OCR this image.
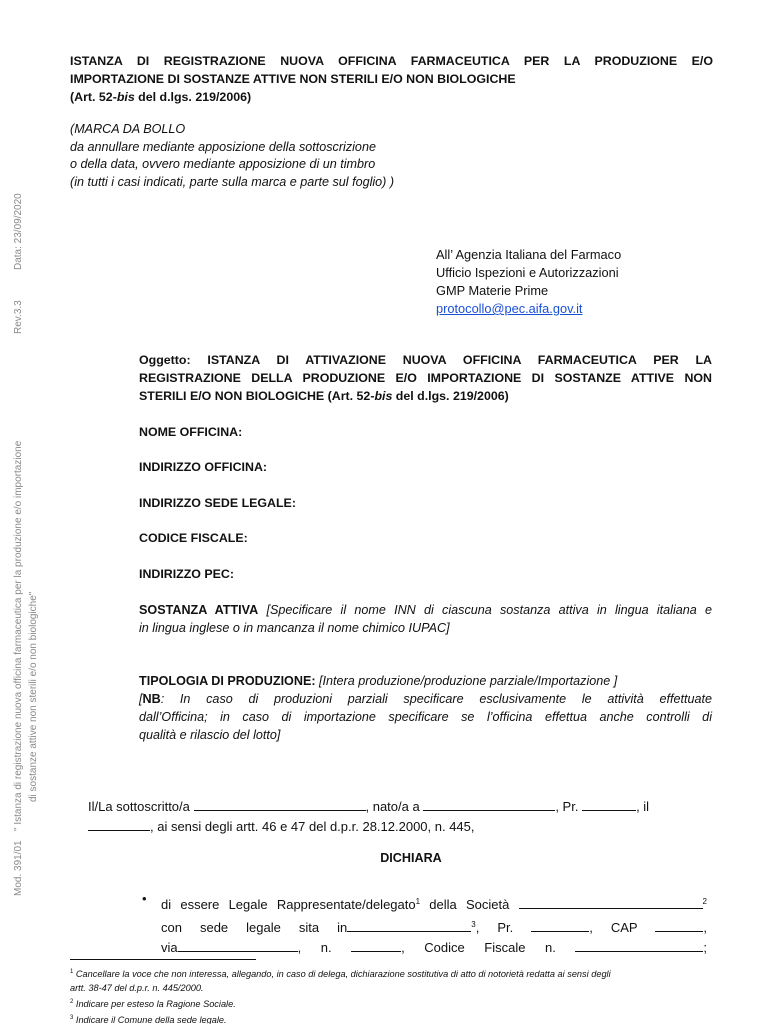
Mod. 391/01
" Istanza di registrazione nuova officina farmaceutica per la produzione e/o importazione di sostanze attive non sterili e/o non biologiche"
Rev.3.3
Data: 23/09/2020
ISTANZA DI REGISTRAZIONE NUOVA OFFICINA FARMACEUTICA PER LA PRODUZIONE E/O
IMPORTAZIONE DI SOSTANZE ATTIVE NON STERILI E/O NON BIOLOGICHE
(Art. 52-bis del d.lgs. 219/2006)
(MARCA DA BOLLO
da annullare mediante apposizione della sottoscrizione
o della data, ovvero mediante apposizione di un timbro
(in tutti i casi indicati, parte sulla marca e parte sul foglio) )
All’ Agenzia Italiana del Farmaco
Ufficio Ispezioni e Autorizzazioni
GMP Materie Prime
protocollo@pec.aifa.gov.it
Oggetto: ISTANZA DI ATTIVAZIONE NUOVA OFFICINA FARMACEUTICA PER LA
REGISTRAZIONE DELLA PRODUZIONE E/O IMPORTAZIONE DI SOSTANZE ATTIVE NON
STERILI E/O NON BIOLOGICHE (Art. 52-bis del d.lgs. 219/2006)
NOME OFFICINA:
INDIRIZZO OFFICINA:
INDIRIZZO SEDE LEGALE:
CODICE FISCALE:
INDIRIZZO PEC:
SOSTANZA ATTIVA [Specificare il nome INN di ciascuna sostanza attiva in lingua italiana e
in lingua inglese o in mancanza il nome chimico IUPAC]
TIPOLOGIA DI PRODUZIONE: [Intera produzione/produzione parziale/Importazione ]
[NB: In caso di produzioni parziali specificare esclusivamente le attività effettuate
dall’Officina; in caso di importazione specificare se l’officina effettua anche controlli di
qualità e rilascio del lotto]
Il/La sottoscritto/a	, nato/a a	, Pr.	, il
, ai sensi degli artt. 46 e 47 del d.p.r. 28.12.2000, n. 445,
DICHIARA
• di essere Legale Rappresentate/delegato$^1$ della Società	$^2$
con sede legale sita in	$^3$, Pr.	, CAP	,
via	, n.	, Codice Fiscale n.	;
$^1$ Cancellare la voce che non interessa, allegando, in caso di delega, dichiarazione sostitutiva di atto di notorietà redatta ai sensi degli
artt. 38-47 del d.p.r. n. 445/2000.
$^2$ Indicare per esteso la Ragione Sociale.
$^3$ Indicare il Comune della sede legale.
